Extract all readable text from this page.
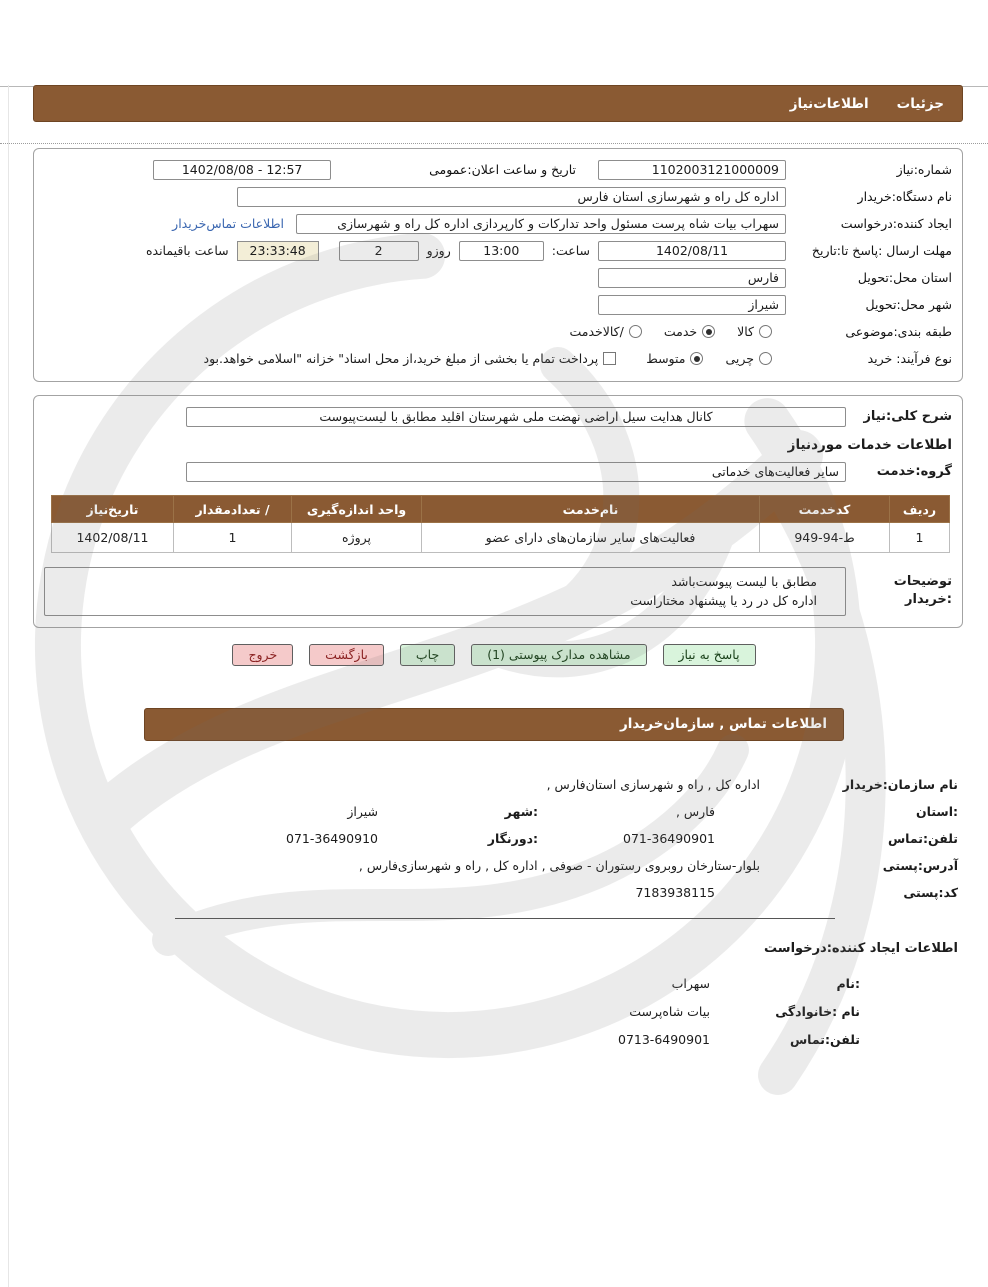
جزئیات
اطلاعات‌نیاز
شماره:نیاز
1102003121000009
تاریخ و ساعت اعلان:عمومی
1402/08/08 - 12:57
نام دستگاه:خریدار
اداره کل راه و شهرسازی استان فارس
ایجاد کننده:درخواست
سهراب بیات شاه پرست مسئول واحد تدارکات و کارپردازی اداره کل راه و شهرسازی
اطلاعات تماس‌خریدار
مهلت ارسال :پاسخ تا:تاریخ
1402/08/11
ساعت:
13:00
روزو
2
23:33:48
ساعت باقیمانده
استان محل:تحویل
فارس
شهر محل:تحویل
شیراز
طبقه بندی:موضوعی
کالا
خدمت
/کالاخدمت
نوع فرآیند: خرید
چریی
متوسط
پرداخت تمام یا بخشی از مبلغ خرید،از محل اسناد" خزانه "اسلامی خواهد.بود
شرح کلی:نیاز
کانال هدایت سیل اراضی نهضت ملی شهرستان اقلید مطابق با لیست‌پیوست
اطلاعات خدمات موردنیاز
گروه:خدمت
سایر فعالیت‌های خدماتی
ردیف	کدخدمت	نام‌خدمت	واحد اندازه‌گیری	/ تعدادمقدار	تاریخ‌نیاز
1	ط-94-949	فعالیت‌های سایر سازمان‌های دارای عضو	پروژه	1	1402/08/11
توضیحات
:خریدار
مطابق با لیست پیوست‌باشد
اداره کل در رد یا پیشنهاد مختاراست
پاسخ به نیاز
مشاهده مدارک پیوستی (1)
چاپ
بازگشت
خروج
اطلاعات تماس , سازمان‌خریدار
نام سازمان:خریدار
اداره کل , راه و شهرسازی استان‌فارس ,
:استان
فارس ,
:شهر
شیراز
تلفن:تماس
071-36490901
:دورنگار
071-36490910
آدرس:پستی
بلوار-ستارخان روبروی رستوران - صوفی , اداره کل , راه و شهرسازی‌فارس ,
کد:پستی
7183938115
اطلاعات ایجاد کننده:درخواست
:نام
سهراب
نام :خانوادگی
بیات شاه‌پرست
تلفن:تماس
0713-6490901
